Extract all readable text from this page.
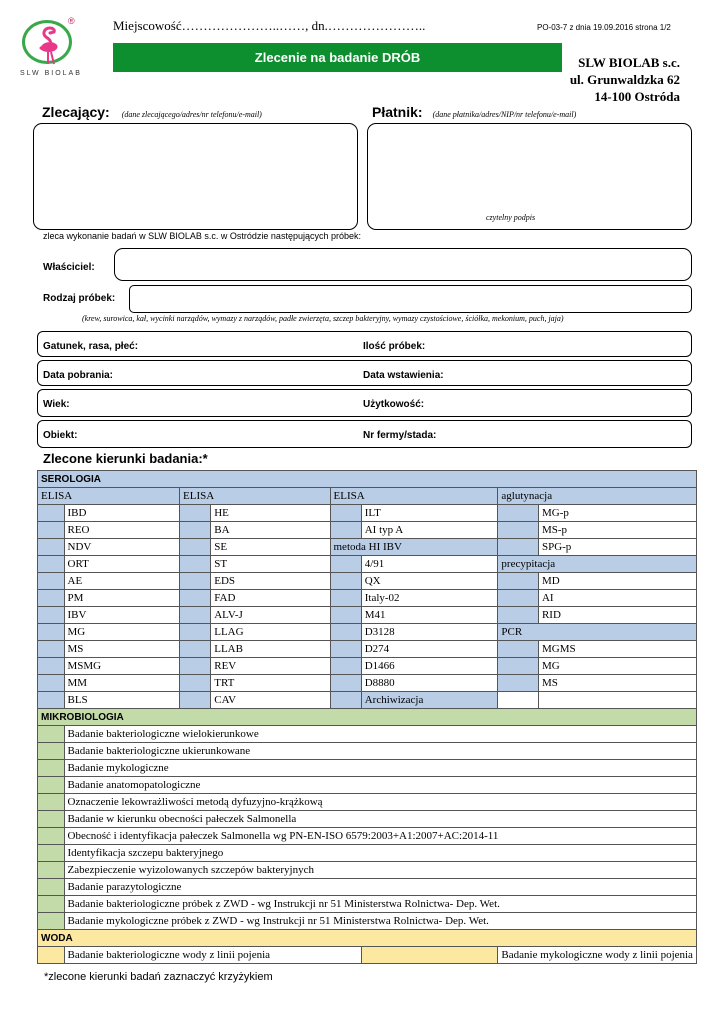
®
SLW BIOLAB
Miejscowość…………………..……, dn.…………………..	PO-03-7 z dnia 19.09.2016 strona 1/2
Zlecenie na badanie DRÓB	SLW BIOLAB s.c.
ul. Grunwaldzka 62
14-100 Ostróda
Zlecający: (dane zlecającego/adres/nr telefonu/e-mail)	Płatnik: (dane płatnika/adres/NIP/nr telefonu/e-mail)
czytelny podpis
zleca wykonanie badań w SLW BIOLAB s.c. w Ostródzie następujących próbek:
Właściciel:
Rodzaj próbek:
(krew, surowica, kał, wycinki narządów, wymazy z narządów, padłe zwierzęta, szczep bakteryjny, wymazy czystościowe, ściółka, mekonium, puch, jaja)
Gatunek, rasa, płeć:	Ilość próbek:
Data pobrania:	Data wstawienia:
Wiek:	Użytkowość:
Obiekt:	Nr fermy/stada:
Zlecone kierunki badania:*
SEROLOGIA							
ELISA		ELISA		ELISA		aglutynacja	
	IBD		HE		ILT		MG-p
	REO		BA		AI typ A		MS-p
	NDV		SE	metoda HI IBV			SPG-p
	ORT		ST		4/91	precypitacja	
	AE		EDS		QX		MD
	PM		FAD		Italy-02		AI
	IBV		ALV-J		M41		RID
	MG		LLAG		D3128	PCR	
	MS		LLAB		D274		MGMS
	MSMG		REV		D1466		MG
	MM		TRT		D8880		MS
	BLS		CAV		Archiwizacja		
MIKROBIOLOGIA							
	Badanie bakteriologiczne wielokierunkowe						
	Badanie bakteriologiczne ukierunkowane						
	Badanie mykologiczne						
	Badanie anatomopatologiczne						
	Oznaczenie lekowrażliwości metodą dyfuzyjno-krążkową						
	Badanie w kierunku obecności pałeczek Salmonella						
	Obecność i identyfikacja pałeczek Salmonella wg PN-EN-ISO 6579:2003+A1:2007+AC:2014-11						
	Identyfikacja szczepu bakteryjnego						
	Zabezpieczenie wyizolowanych szczepów bakteryjnych						
	Badanie parazytologiczne						
	Badanie bakteriologiczne próbek z ZWD - wg Instrukcji nr 51 Ministerstwa Rolnictwa- Dep. Wet.						
	Badanie mykologiczne próbek z ZWD - wg Instrukcji nr 51 Ministerstwa Rolnictwa- Dep. Wet.						
WODA							
	Badanie bakteriologiczne wody z linii pojenia					Badanie mykologiczne wody z linii pojenia	
*zlecone kierunki badań zaznaczyć krzyżykiem
